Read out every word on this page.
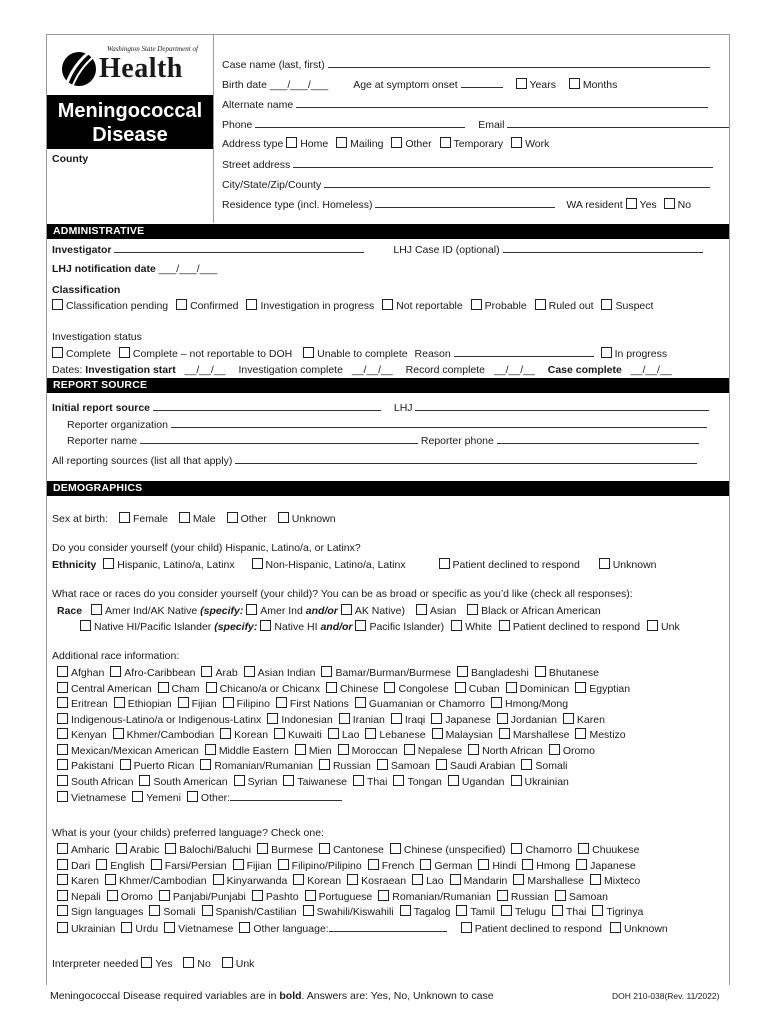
Washington State Department of
Health
Meningococcal
Disease
County
Case name (last, first)
Birth date ___/___/___ Age at symptom onset	Years	Months
Alternate name
Phone	Email
Address type Home Mailing Other Temporary Work
Street address
City/State/Zip/County
Residence type (incl. Homeless)	WA resident Yes No
ADMINISTRATIVE
Investigator	LHJ Case ID (optional)
LHJ notification date ___/___/___
Classification
Classification pending Confirmed Investigation in progress Not reportable Probable Ruled out Suspect
Investigation status
Complete Complete – not reportable to DOH Unable to complete Reason	In progress
Dates: Investigation start __/__/__ Investigation complete __/__/__ Record complete __/__/__ Case complete __/__/__
REPORT SOURCE
Initial report source	LHJ
Reporter organization
Reporter name	Reporter phone
All reporting sources (list all that apply)
DEMOGRAPHICS
Sex at birth: Female Male Other Unknown
Do you consider yourself (your child) Hispanic, Latino/a, or Latinx?
Ethnicity Hispanic, Latino/a, Latinx	Non-Hispanic, Latino/a, Latinx	Patient declined to respond	Unknown
What race or races do you consider yourself (your child)? You can be as broad or specific as you’d like (check all responses):
Race Amer Ind/AK Native (specify: Amer Ind and/or AK Native) Asian Black or African American
Native HI/Pacific Islander (specify: Native HI and/or Pacific Islander) White Patient declined to respond Unk
Additional race information:
What is your (your childs) preferred language? Check one:
Interpreter needed Yes No Unk
Afghan Afro-Caribbean Arab Asian Indian Bamar/Burman/Burmese Bangladeshi Bhutanese
Central American Cham Chicano/a or Chicanx Chinese Congolese Cuban Dominican Egyptian
Eritrean Ethiopian Fijian Filipino First Nations Guamanian or Chamorro Hmong/Mong
Indigenous-Latino/a or Indigenous-Latinx Indonesian Iranian Iraqi Japanese Jordanian Karen
Kenyan Khmer/Cambodian Korean Kuwaiti Lao Lebanese Malaysian Marshallese Mestizo
Mexican/Mexican American Middle Eastern Mien Moroccan Nepalese North African Oromo
Pakistani Puerto Rican Romanian/Rumanian Russian Samoan Saudi Arabian Somali
South African South American Syrian Taiwanese Thai Tongan Ugandan Ukrainian
Vietnamese Yemeni Other:
Amharic Arabic Balochi/Baluchi Burmese Cantonese Chinese (unspecified) Chamorro Chuukese
Dari English Farsi/Persian Fijian Filipino/Pilipino French German Hindi Hmong Japanese
Karen Khmer/Cambodian Kinyarwanda Korean Kosraean Lao Mandarin Marshallese Mixteco
Nepali Oromo Panjabi/Punjabi Pashto Portuguese Romanian/Rumanian Russian Samoan
Sign languages Somali Spanish/Castilian Swahili/Kiswahili Tagalog Tamil Telugu Thai Tigrinya
Ukrainian Urdu Vietnamese Other language:	Patient declined to respond Unknown
Meningococcal Disease required variables are in bold. Answers are: Yes, No, Unknown to case	DOH 210-038(Rev. 11/2022)
